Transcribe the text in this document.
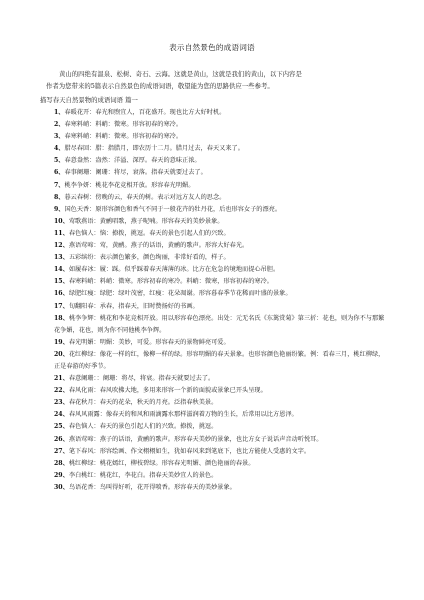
表示自然景色的成语词语

黄山的四绝有温泉、松树、奇石、云海。这就是黄山，这就是我们的黄山，以下内容是

作者为您带来的5篇表示自然景色的成语词语，敬望能为您的思路供应一些参考。

描写春天自然景物的成语词语 篇一
1、春暖花开：春光和煦宜人，百花盛开。现也比方大好时机。
2、春寒料峭：料峭：微寒。形容初春的寒冷。
3、春寒料峭：料峭：微寒。形容初春的寒冷。
4、腊尽春回：腊：指腊月，即农历十二月。腊月过去，春天又来了。
5、春意盎然：盎然：洋溢、深厚。春天的意味正浓。
6、春事阑珊：阑珊：将尽，衰落。指春天就要过去了。
7、桃李争妍：桃花李花竞相开放。形容春光明媚。
8、暮云春树：傍晚的云，春天的树。表示对远方友人的思念。
9、国色天香：原形容颜色和香气不同于一般花卉的牡丹花，后也形容女子的漂亮。
10、莺歌燕语：黄鹂唱歌，燕子呢喃。形容春天的美妙景象。
11、春色恼人：恼：撩拨，挑逗。春天的景色引起人们的兴致。
12、燕语莺啼：莺，黄鹂。燕子的话语，黄鹂的歌声。形容大好春光。
13、五彩缤纷：表示颜色繁多，颜色绚丽，非常好看的，样子。
14、如履春冰：履：踩。似乎踩着春天薄薄的冰。比方在危急的境地而提心吊胆。
15、春寒料峭：料峭：微寒。形容初春的寒冷。料峭：微寒，形容初春的寒冷。
16、绿肥红瘦：绿肥：绿叶茂密，红瘦：花朵凋谢。形容暮春季节花稀而叶盛的景象。
17、旬翻阳春：承春，指春天，旧时赞扬好的书画。
18、桃李争辉：桃花和李花竞相开放。用以形容春色漂亮。出处：元无名氏《东篱赏菊》第三折：花也，则为你不与那繁花争媚，花也，则为你不同他桃李争辉。
19、春光明媚：明媚：美妙，可爱。形容春天的景物鲜亮可爱。
20、花红柳绿：像花一样的红，像柳一样的绿。形容明媚的春天景象。也形容颜色艳丽纷繁。例：看春三月，桃红柳绿，正是春游的好季节。
21、春意阑珊：：阑珊：将尽，将衰。指春天就要过去了。
22、春风化雨：春风吹拂大地，多用来形容一个新的面貌或景象已开头呈现。
23、春花秋月：春天的花朵，秋天的月亮。泛指春秋美景。
24、春风风雨露：像春天的和风和雨滴露水那样滋润着万物的生长，后常用以比方恩泽。
25、春色恼人：春天的景色引起人们的兴致。撩拨，挑逗。
26、燕语莺啼：燕子的话语，黄鹂的歌声。形容春天美妙的景象，也比方女子说话声音动听悦耳。
27、笔下春风：形容绘画、作文栩栩如生，犹如春风来到笔底下，也比方能使人受惠的文字。
28、桃红柳绿：桃花嫣红，柳枝碧绿。形容春光明媚、颜色艳丽的春景。
29、李白桃红：桃花红，李花白。指春天美妙宜人的景色。
30、鸟语花香：鸟叫得好听，花开得喷香。形容春天的美妙景象。
